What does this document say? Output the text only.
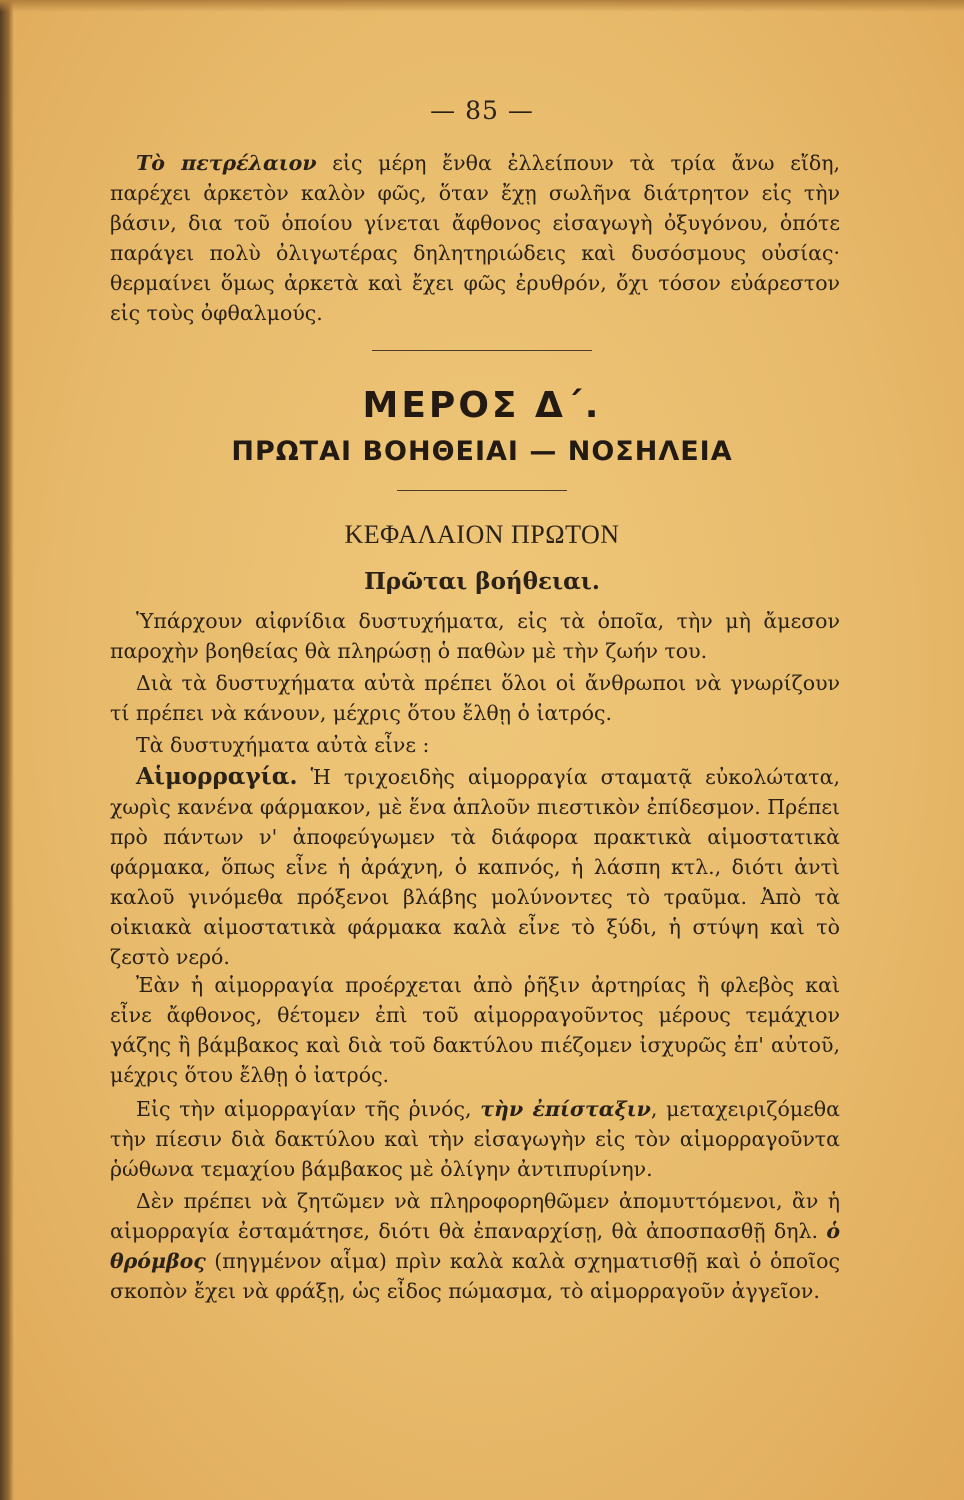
— 85 —

Τὸ πετρέλαιον εἰς μέρη ἔνθα ἐλλείπουν τὰ τρία ἄνω εἴδη, παρέχει ἀρκετὸν καλὸν φῶς, ὅταν ἔχῃ σωλῆνα διάτρητον εἰς τὴν βάσιν, δια τοῦ ὁποίου γίνεται ἄφθονος εἰσαγωγὴ ὀξυγόνου, ὁπότε παράγει πολὺ ὀλιγωτέρας δηλητηριώδεις καὶ δυσόσμους οὐσίας· θερμαίνει ὅμως ἀρκετὰ καὶ ἔχει φῶς ἐρυθρόν, ὄχι τόσον εὐάρεστον εἰς τοὺς ὀφθαλμούς.

ΜΕΡΟΣ Δ΄.
ΠΡΩΤΑΙ ΒΟΗΘΕΙΑΙ — ΝΟΣΗΛΕΙΑ
ΚΕΦΑΛΑΙΟΝ ΠΡΩΤΟΝ
Πρῶται βοήθειαι.

Ὑπάρχουν αἰφνίδια δυστυχήματα, εἰς τὰ ὁποῖα, τὴν μὴ ἄμεσον παροχὴν βοηθείας θὰ πληρώσῃ ὁ παθὼν μὲ τὴν ζωήν του.

Διὰ τὰ δυστυχήματα αὐτὰ πρέπει ὅλοι οἱ ἄνθρωποι νὰ γνωρίζουν τί πρέπει νὰ κάνουν, μέχρις ὅτου ἔλθῃ ὁ ἰατρός.

Τὰ δυστυχήματα αὐτὰ εἶνε :

Αἱμορραγία. Ἡ τριχοειδὴς αἱμορραγία σταματᾷ εὐκολώτατα, χωρὶς κανένα φάρμακον, μὲ ἕνα ἁπλοῦν πιεστικὸν ἐπίδεσμον. Πρέπει πρὸ πάντων ν' ἀποφεύγωμεν τὰ διάφορα πρακτικὰ αἱμοστατικὰ φάρμακα, ὅπως εἶνε ἡ ἀράχνη, ὁ καπνός, ἡ λάσπη κτλ., διότι ἀντὶ καλοῦ γινόμεθα πρόξενοι βλάβης μολύνοντες τὸ τραῦμα. Ἀπὸ τὰ οἰκιακὰ αἱμοστατικὰ φάρμακα καλὰ εἶνε τὸ ξύδι, ἡ στύψη καὶ τὸ ζεστὸ νερό.

Ἐὰν ἡ αἱμορραγία προέρχεται ἀπὸ ῥῆξιν ἀρτηρίας ἢ φλεβὸς καὶ εἶνε ἄφθονος, θέτομεν ἐπὶ τοῦ αἱμορραγοῦντος μέρους τεμάχιον γάζης ἢ βάμβακος καὶ διὰ τοῦ δακτύλου πιέζομεν ἰσχυρῶς ἐπ' αὐτοῦ, μέχρις ὅτου ἔλθῃ ὁ ἰατρός.

Εἰς τὴν αἱμορραγίαν τῆς ῥινός, τὴν ἐπίσταξιν, μεταχειριζόμεθα τὴν πίεσιν διὰ δακτύλου καὶ τὴν εἰσαγωγὴν εἰς τὸν αἱμορραγοῦντα ῥώθωνα τεμαχίου βάμβακος μὲ ὀλίγην ἀντιπυρίνην.

Δὲν πρέπει νὰ ζητῶμεν νὰ πληροφορηθῶμεν ἀπομυττόμενοι, ἂν ἡ αἱμορραγία ἐσταμάτησε, διότι θὰ ἐπαναρχίσῃ, θὰ ἀποσπασθῇ δηλ. ὁ θρόμβος (πηγμένον αἷμα) πρὶν καλὰ καλὰ σχηματισθῇ καὶ ὁ ὁποῖος σκοπὸν ἔχει νὰ φράξῃ, ὡς εἶδος πώμασμα, τὸ αἱμορραγοῦν ἀγγεῖον.
